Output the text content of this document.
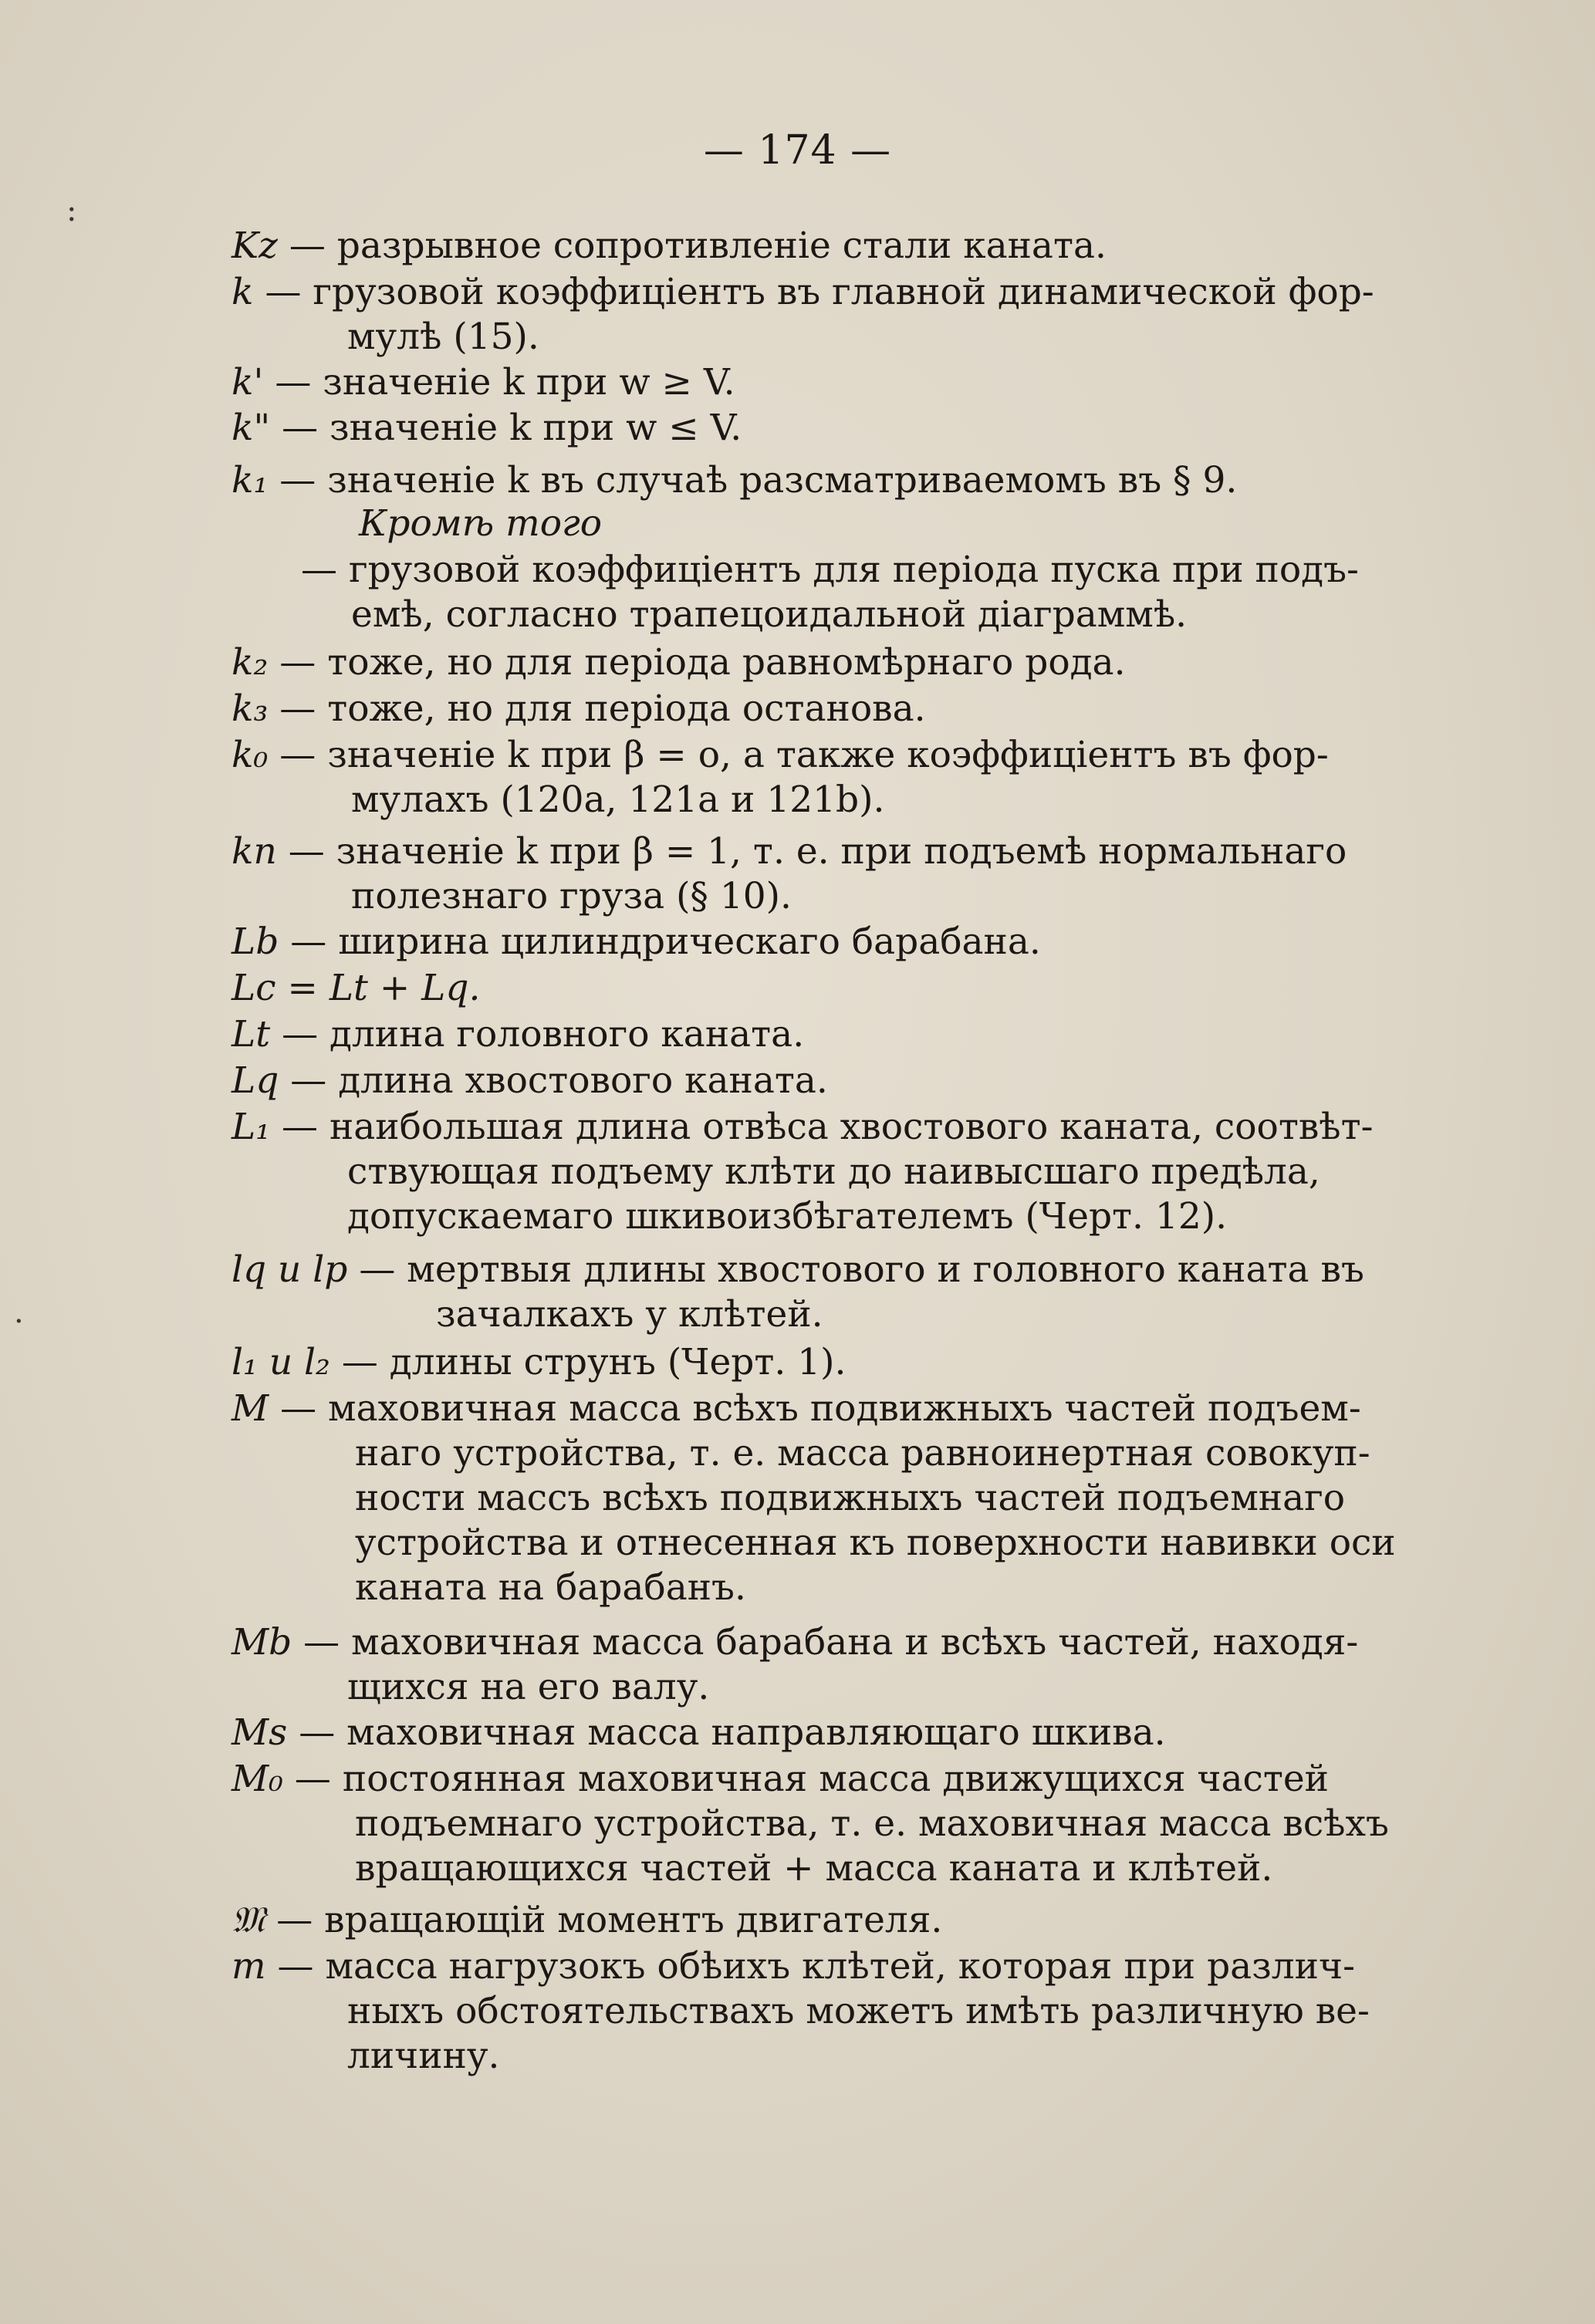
:
·
— 174 —
Kz — разрывное сопротивленіе стали каната.
k — грузовой коэффиціентъ въ главной динамической фор-
мулѣ (15).
k' — значеніе k при w ≥ V.
k" — значеніе k при w ≤ V.
k₁ — значеніе k въ случаѣ разсматриваемомъ въ § 9.
Кромѣ того
— грузовой коэффиціентъ для періода пуска при подъ-
емѣ, согласно трапецоидальной діаграммѣ.
k₂ — тоже, но для періода равномѣрнаго рода.
k₃ — тоже, но для періода останова.
k₀ — значеніе k при β = o, а также коэффиціентъ въ фор-
мулахъ (120a, 121a и 121b).
kn — значеніе k при β = 1, т. е. при подъемѣ нормальнаго
полезнаго груза (§ 10).
Lb — ширина цилиндрическаго барабана.
Lc = Lt + Lq.
Lt — длина головного каната.
Lq — длина хвостового каната.
L₁ — наибольшая длина отвѣса хвостового каната, соотвѣт-
ствующая подъему клѣти до наивысшаго предѣла,
допускаемаго шкивоизбѣгателемъ (Черт. 12).
lq и lp — мертвыя длины хвостового и головного каната въ
зачалкахъ у клѣтей.
l₁ и l₂ — длины струнъ (Черт. 1).
M — маховичная масса всѣхъ подвижныхъ частей подъем-
наго устройства, т. е. масса равноинертная совокуп-
ности массъ всѣхъ подвижныхъ частей подъемнаго
устройства и отнесенная къ поверхности навивки оси
каната на барабанъ.
Mb — маховичная масса барабана и всѣхъ частей, находя-
щихся на его валу.
Ms — маховичная масса направляющаго шкива.
M₀ — постоянная маховичная масса движущихся частей
подъемнаго устройства, т. е. маховичная масса всѣхъ
вращающихся частей + масса каната и клѣтей.
𝔐 — вращающій моментъ двигателя.
m — масса нагрузокъ обѣихъ клѣтей, которая при различ-
ныхъ обстоятельствахъ можетъ имѣть различную ве-
личину.
